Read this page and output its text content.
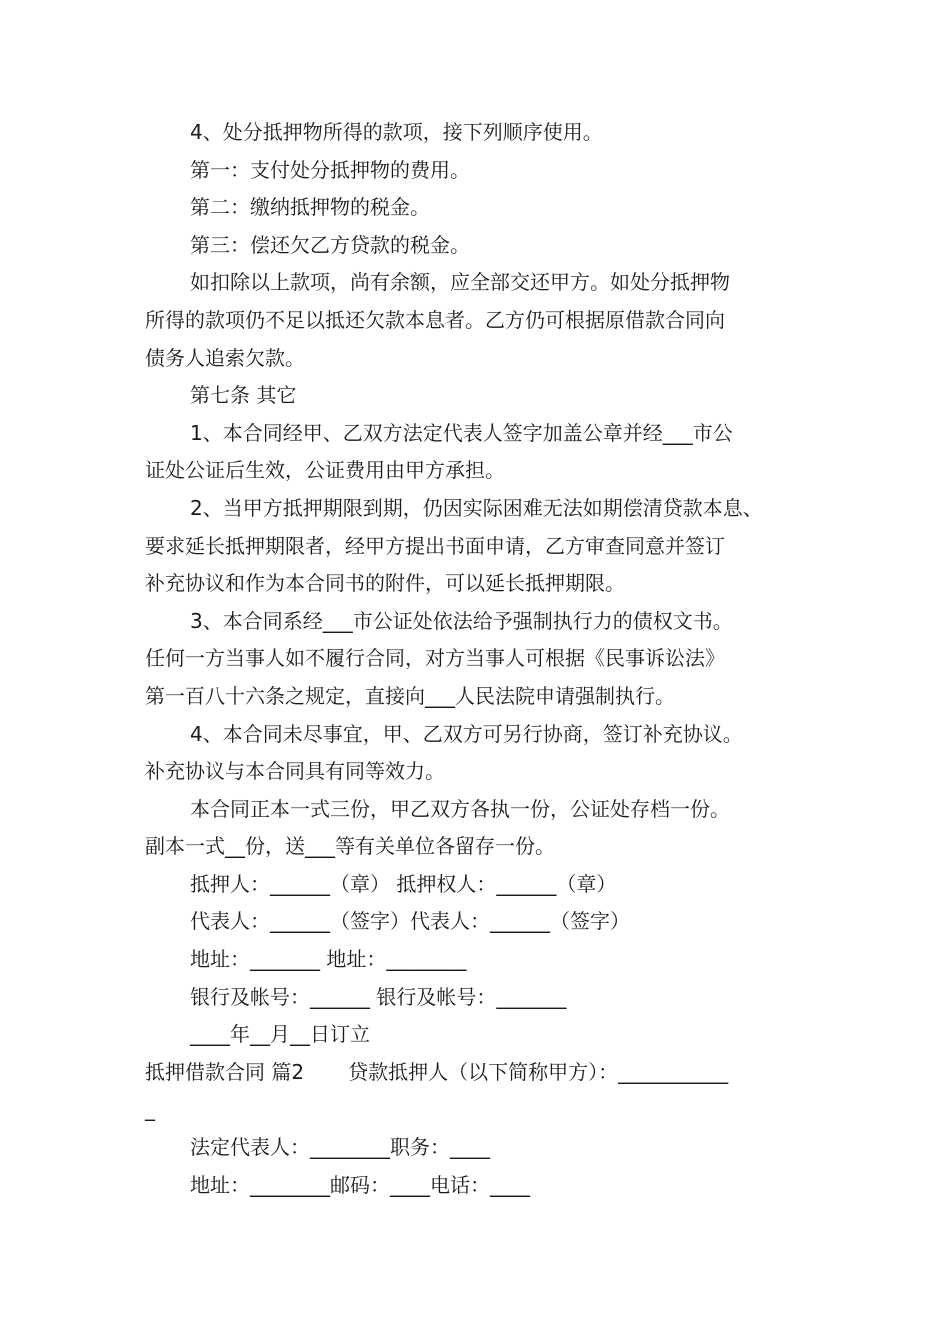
4、处分抵押物所得的款项，接下列顺序使用。

第一：支付处分抵押物的费用。

第二：缴纳抵押物的税金。

第三：偿还欠乙方贷款的税金。

如扣除以上款项，尚有余额，应全部交还甲方。如处分抵押物

所得的款项仍不足以抵还欠款本息者。乙方仍可根据原借款合同向

债务人追索欠款。

第七条 其它

1、本合同经甲、乙双方法定代表人签字加盖公章并经___市公

证处公证后生效，公证费用由甲方承担。

2、当甲方抵押期限到期，仍因实际困难无法如期偿清贷款本息、

要求延长抵押期限者，经甲方提出书面申请，乙方审查同意并签订

补充协议和作为本合同书的附件，可以延长抵押期限。

3、本合同系经___市公证处依法给予强制执行力的债权文书。

任何一方当事人如不履行合同，对方当事人可根据《民事诉讼法》

第一百八十六条之规定，直接向___人民法院申请强制执行。

4、本合同未尽事宜，甲、乙双方可另行协商，签订补充协议。

补充协议与本合同具有同等效力。

本合同正本一式三份，甲乙双方各执一份，公证处存档一份。

副本一式__份，送___等有关单位各留存一份。

抵押人：______（章） 抵押权人：______（章）

代表人：______（签字）代表人：______（签字）

地址：_______ 地址：________

银行及帐号：______ 银行及帐号：_______

____年__月__日订立

抵押借款合同 篇2 贷款抵押人（以下简称甲方）：___________

_

法定代表人：________职务：____

地址：________邮码：____电话：____
